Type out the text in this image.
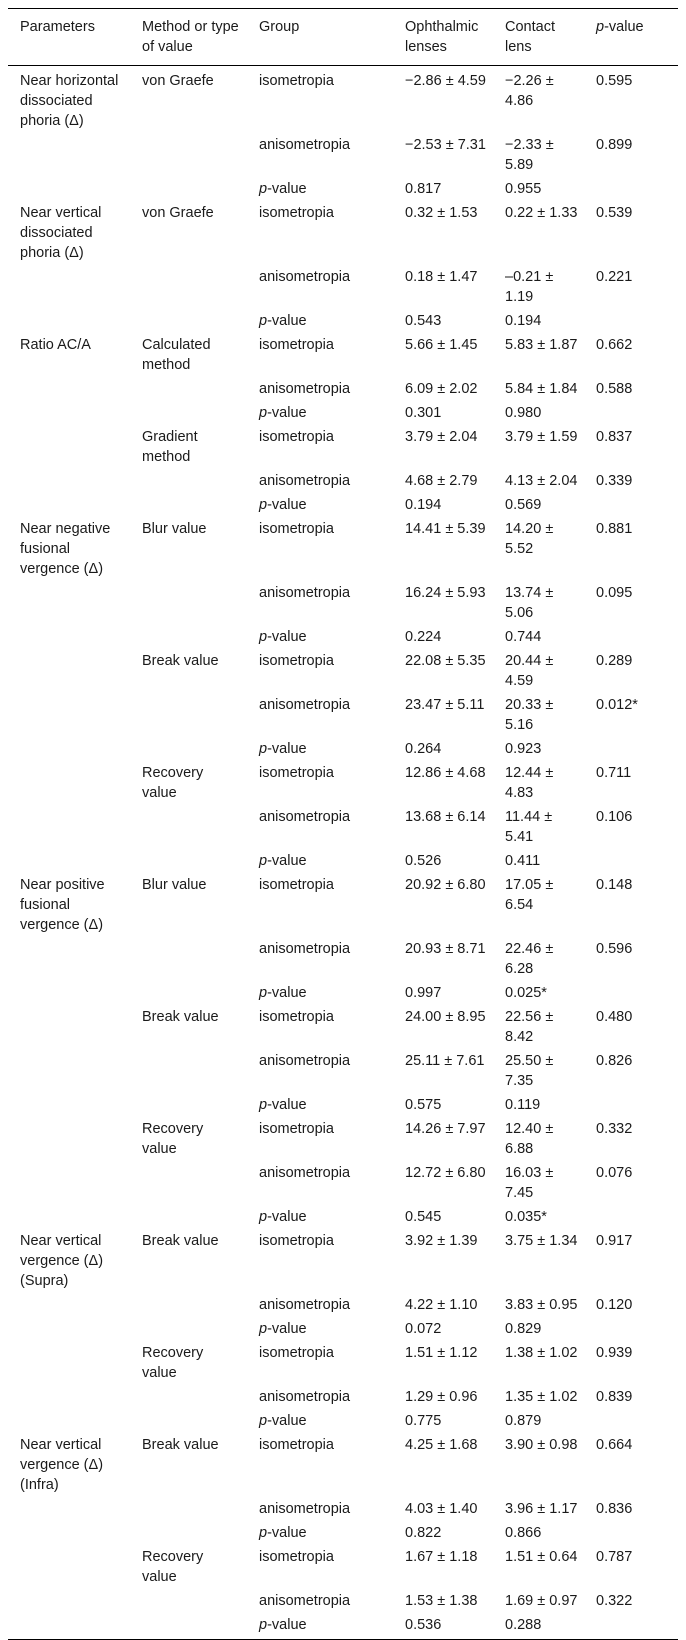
Parameters	Method or type of value	Group	Ophthalmic lenses	Contact lens	p-value
Near horizontal dissociated phoria (Δ)	von Graefe	isometropia	−2.86 ± 4.59	−2.26 ± 4.86	0.595
		anisometropia	−2.53 ± 7.31	−2.33 ± 5.89	0.899
		p-value	0.817	0.955	
Near vertical dissociated phoria (Δ)	von Graefe	isometropia	0.32 ± 1.53	0.22 ± 1.33	0.539
		anisometropia	0.18 ± 1.47	–0.21 ± 1.19	0.221
		p-value	0.543	0.194	
Ratio AC/A	Calculated method	isometropia	5.66 ± 1.45	5.83 ± 1.87	0.662
		anisometropia	6.09 ± 2.02	5.84 ± 1.84	0.588
		p-value	0.301	0.980	
	Gradient method	isometropia	3.79 ± 2.04	3.79 ± 1.59	0.837
		anisometropia	4.68 ± 2.79	4.13 ± 2.04	0.339
		p-value	0.194	0.569	
Near negative fusional vergence (Δ)	Blur value	isometropia	14.41 ± 5.39	14.20 ± 5.52	0.881
		anisometropia	16.24 ± 5.93	13.74 ± 5.06	0.095
		p-value	0.224	0.744	
	Break value	isometropia	22.08 ± 5.35	20.44 ± 4.59	0.289
		anisometropia	23.47 ± 5.11	20.33 ± 5.16	0.012*
		p-value	0.264	0.923	
	Recovery value	isometropia	12.86 ± 4.68	12.44 ± 4.83	0.711
		anisometropia	13.68 ± 6.14	11.44 ± 5.41	0.106
		p-value	0.526	0.411	
Near positive fusional vergence (Δ)	Blur value	isometropia	20.92 ± 6.80	17.05 ± 6.54	0.148
		anisometropia	20.93 ± 8.71	22.46 ± 6.28	0.596
		p-value	0.997	0.025*	
	Break value	isometropia	24.00 ± 8.95	22.56 ± 8.42	0.480
		anisometropia	25.11 ± 7.61	25.50 ± 7.35	0.826
		p-value	0.575	0.119	
	Recovery value	isometropia	14.26 ± 7.97	12.40 ± 6.88	0.332
		anisometropia	12.72 ± 6.80	16.03 ± 7.45	0.076
		p-value	0.545	0.035*	
Near vertical vergence (Δ)(Supra)	Break value	isometropia	3.92 ± 1.39	3.75 ± 1.34	0.917
		anisometropia	4.22 ± 1.10	3.83 ± 0.95	0.120
		p-value	0.072	0.829	
	Recovery value	isometropia	1.51 ± 1.12	1.38 ± 1.02	0.939
		anisometropia	1.29 ± 0.96	1.35 ± 1.02	0.839
		p-value	0.775	0.879	
Near vertical vergence (Δ)(Infra)	Break value	isometropia	4.25 ± 1.68	3.90 ± 0.98	0.664
		anisometropia	4.03 ± 1.40	3.96 ± 1.17	0.836
		p-value	0.822	0.866	
	Recovery value	isometropia	1.67 ± 1.18	1.51 ± 0.64	0.787
		anisometropia	1.53 ± 1.38	1.69 ± 0.97	0.322
		p-value	0.536	0.288	
